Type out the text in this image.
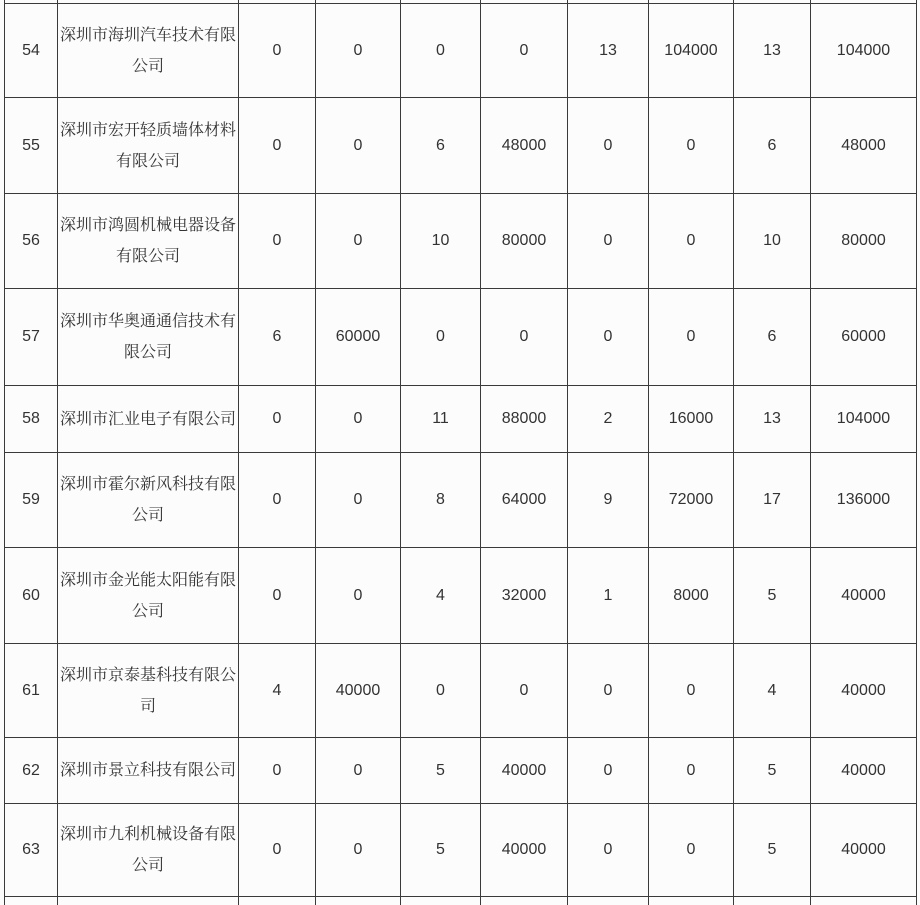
54	深圳市海圳汽车技术有限公司	0	0	0	0	13	104000	13	104000
55	深圳市宏开轻质墙体材料有限公司	0	0	6	48000	0	0	6	48000
56	深圳市鸿圆机械电器设备有限公司	0	0	10	80000	0	0	10	80000
57	深圳市华奥通通信技术有限公司	6	60000	0	0	0	0	6	60000
58	深圳市汇业电子有限公司	0	0	11	88000	2	16000	13	104000
59	深圳市霍尔新风科技有限公司	0	0	8	64000	9	72000	17	136000
60	深圳市金光能太阳能有限公司	0	0	4	32000	1	8000	5	40000
61	深圳市京泰基科技有限公司	4	40000	0	0	0	0	4	40000
62	深圳市景立科技有限公司	0	0	5	40000	0	0	5	40000
63	深圳市九利机械设备有限公司	0	0	5	40000	0	0	5	40000
